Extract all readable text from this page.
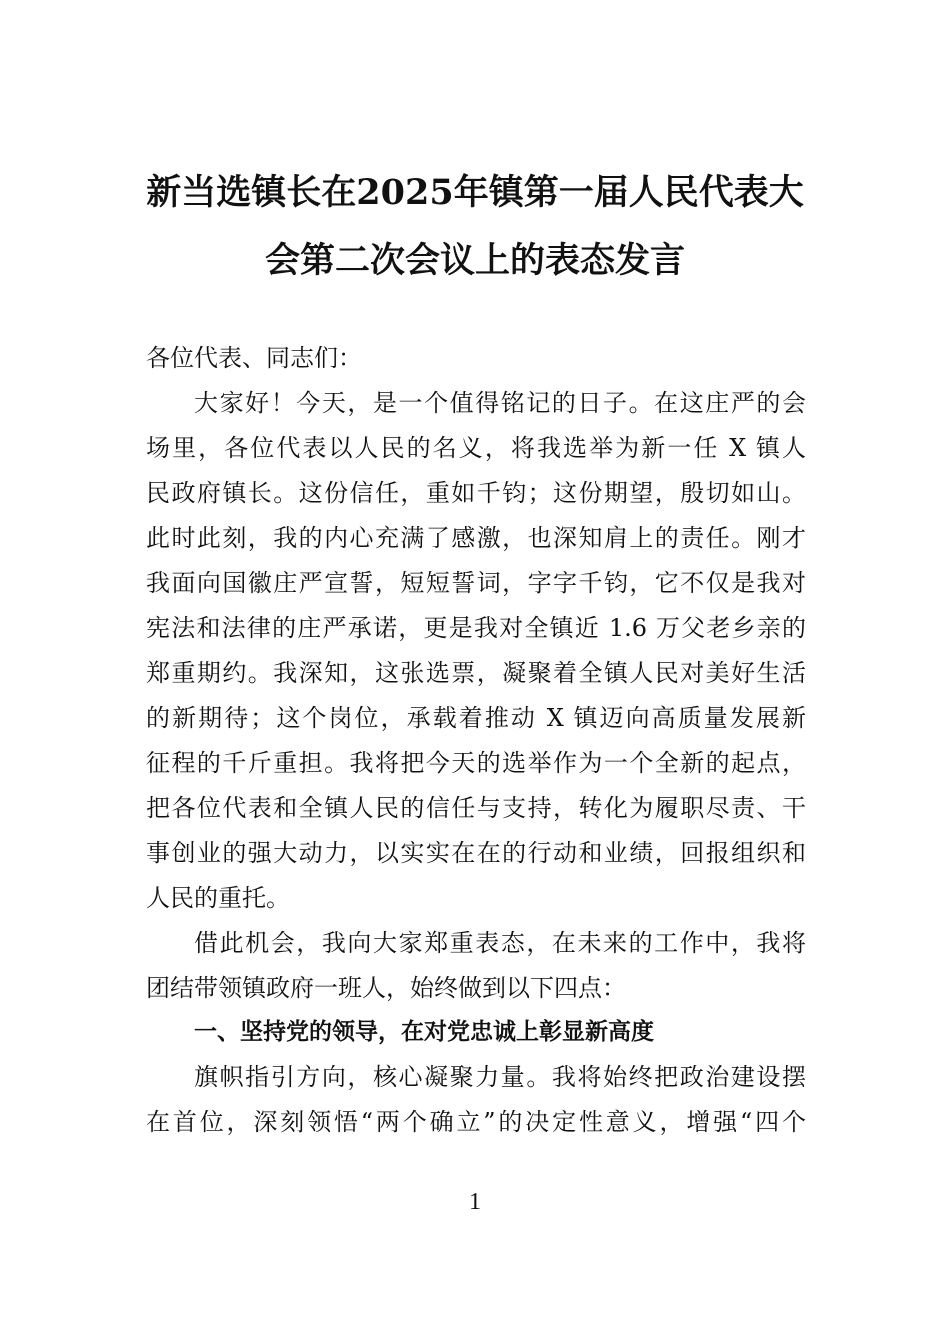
新当选镇长在2025年镇第一届人民代表大
会第二次会议上的表态发言
各位代表、同志们：
大家好！今天，是一个值得铭记的日子。在这庄严的会
场里，各位代表以人民的名义，将我选举为新一任 X 镇人
民政府镇长。这份信任，重如千钧；这份期望，殷切如山。
此时此刻，我的内心充满了感激，也深知肩上的责任。刚才
我面向国徽庄严宣誓，短短誓词，字字千钧，它不仅是我对
宪法和法律的庄严承诺，更是我对全镇近 1.6 万父老乡亲的
郑重期约。我深知，这张选票，凝聚着全镇人民对美好生活
的新期待；这个岗位，承载着推动 X 镇迈向高质量发展新
征程的千斤重担。我将把今天的选举作为一个全新的起点，
把各位代表和全镇人民的信任与支持，转化为履职尽责、干
事创业的强大动力，以实实在在的行动和业绩，回报组织和
人民的重托。
借此机会，我向大家郑重表态，在未来的工作中，我将
团结带领镇政府一班人，始终做到以下四点：
一、坚持党的领导，在对党忠诚上彰显新高度
旗帜指引方向，核心凝聚力量。我将始终把政治建设摆
在首位，深刻领悟“两个确立”的决定性意义，增强“四个
1
